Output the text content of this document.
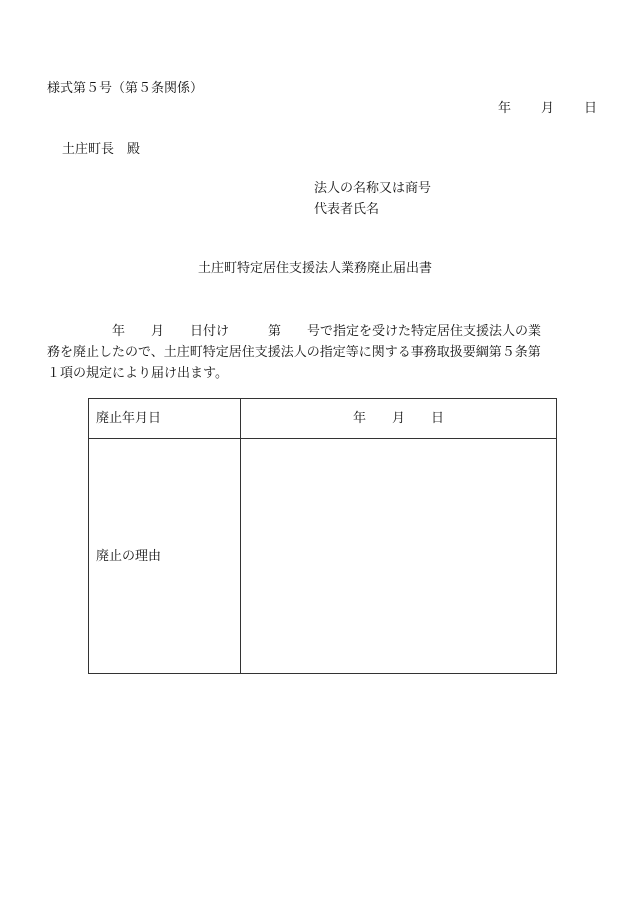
様式第５号（第５条関係）
年 月 日
土庄町長　殿
法人の名称又は商号
代表者氏名
土庄町特定居住支援法人業務廃止届出書
　　　　　年　　月　　日付け　　　第　　号で指定を受けた特定居住支援法人の業
務を廃止したので、土庄町特定居住支援法人の指定等に関する事務取扱要綱第５条第
１項の規定により届け出ます。
廃止年月日	年　　月　　日
廃止の理由
